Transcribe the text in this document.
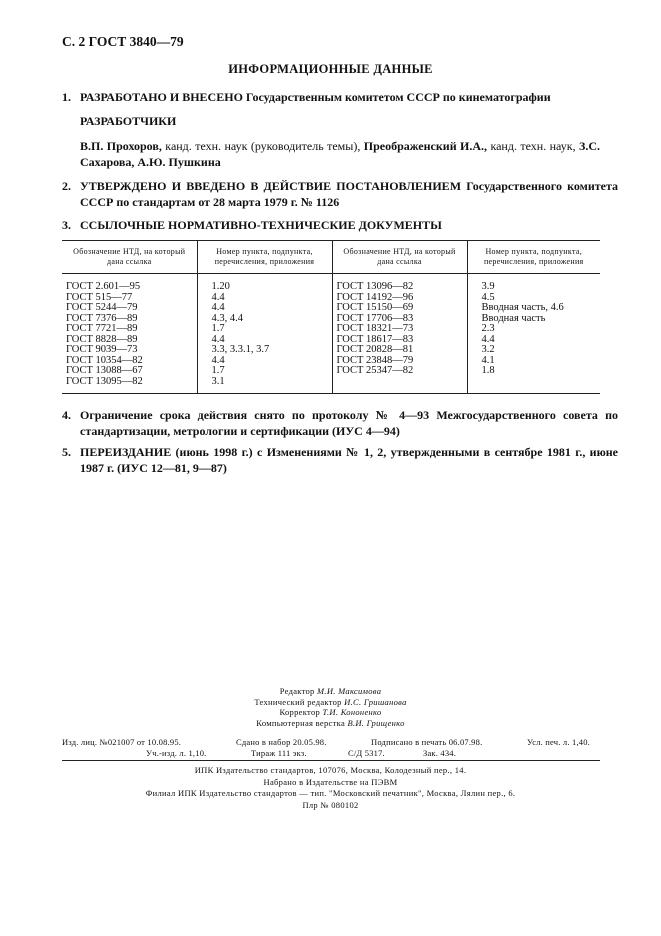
С. 2 ГОСТ 3840—79
ИНФОРМАЦИОННЫЕ ДАННЫЕ
1. РАЗРАБОТАНО И ВНЕСЕНО Государственным комитетом СССР по кинематографии
РАЗРАБОТЧИКИ
В.П. Прохоров, канд. техн. наук (руководитель темы), Преображенский И.А., канд. техн. наук, З.С. Сахарова, А.Ю. Пушкина
2. УТВЕРЖДЕНО И ВВЕДЕНО В ДЕЙСТВИЕ ПОСТАНОВЛЕНИЕМ Государственного комитета СССР по стандартам от 28 марта 1979 г. № 1126
3. ССЫЛОЧНЫЕ НОРМАТИВНО-ТЕХНИЧЕСКИЕ ДОКУМЕНТЫ
Обозначение НТД, на который дана ссылка	Номер пункта, подпункта, перечисления, приложения	Обозначение НТД, на который дана ссылка	Номер пункта, подпункта, перечисления, приложения
ГОСТ 2.601—95	1.20	ГОСТ 13096—82	3.9
ГОСТ 515—77	4.4	ГОСТ 14192—96	4.5
ГОСТ 5244—79	4.4	ГОСТ 15150—69	Вводная часть, 4.6
ГОСТ 7376—89	4.3, 4.4	ГОСТ 17706—83	Вводная часть
ГОСТ 7721—89	1.7	ГОСТ 18321—73	2.3
ГОСТ 8828—89	4.4	ГОСТ 18617—83	4.4
ГОСТ 9039—73	3.3, 3.3.1, 3.7	ГОСТ 20828—81	3.2
ГОСТ 10354—82	4.4	ГОСТ 23848—79	4.1
ГОСТ 13088—67	1.7	ГОСТ 25347—82	1.8
ГОСТ 13095—82	3.1		
4. Ограничение срока действия снято по протоколу № 4—93 Межгосударственного совета по стандартизации, метрологии и сертификации (ИУС 4—94)
5. ПЕРЕИЗДАНИЕ (июнь 1998 г.) с Изменениями № 1, 2, утвержденными в сентябре 1981 г., июне 1987 г. (ИУС 12—81, 9—87)
Редактор М.И. Максимова
Технический редактор И.С. Гришанова
Корректор Т.И. Кононенко
Компьютерная верстка В.И. Грищенко
Изд. лиц. №021007 от 10.08.95.	Сдано в набор 20.05.98.	Подписано в печать 06.07.98.	Усл. печ. л. 1,40.
Уч.-изд. л. 1,10.	Тираж 111 экз.	С/Д 5317.	Зак. 434.
ИПК Издательство стандартов, 107076, Москва, Колодезный пер., 14.
Набрано в Издательстве на ПЭВМ
Филиал ИПК Издательство стандартов — тип. "Московский печатник", Москва, Лялин пер., 6.
Плр № 080102
